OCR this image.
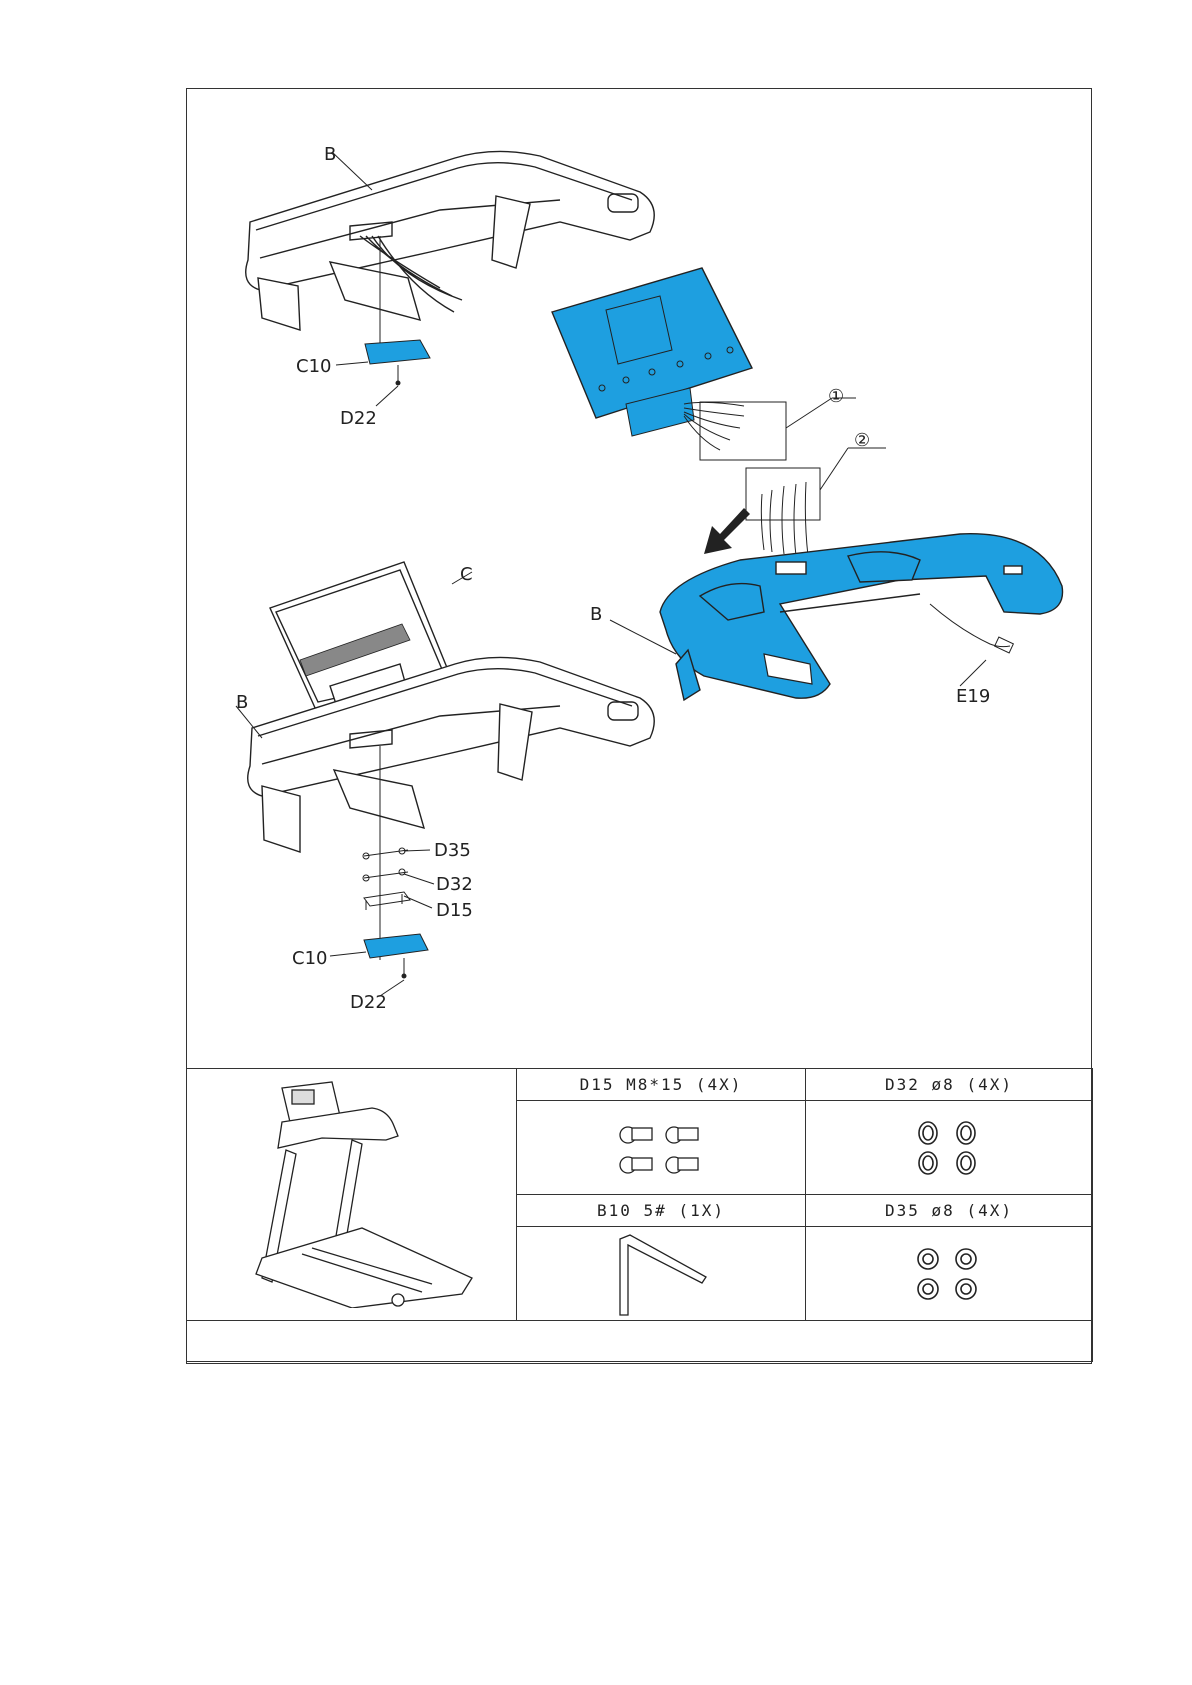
B
C10
D22
①
②
B
E19
C
B
D35
D32
D15
C10
D22
	D15 M8*15 (4X)	D32 ø8 (4X)

	B10 5# (1X)	D35 ø8 (4X)
